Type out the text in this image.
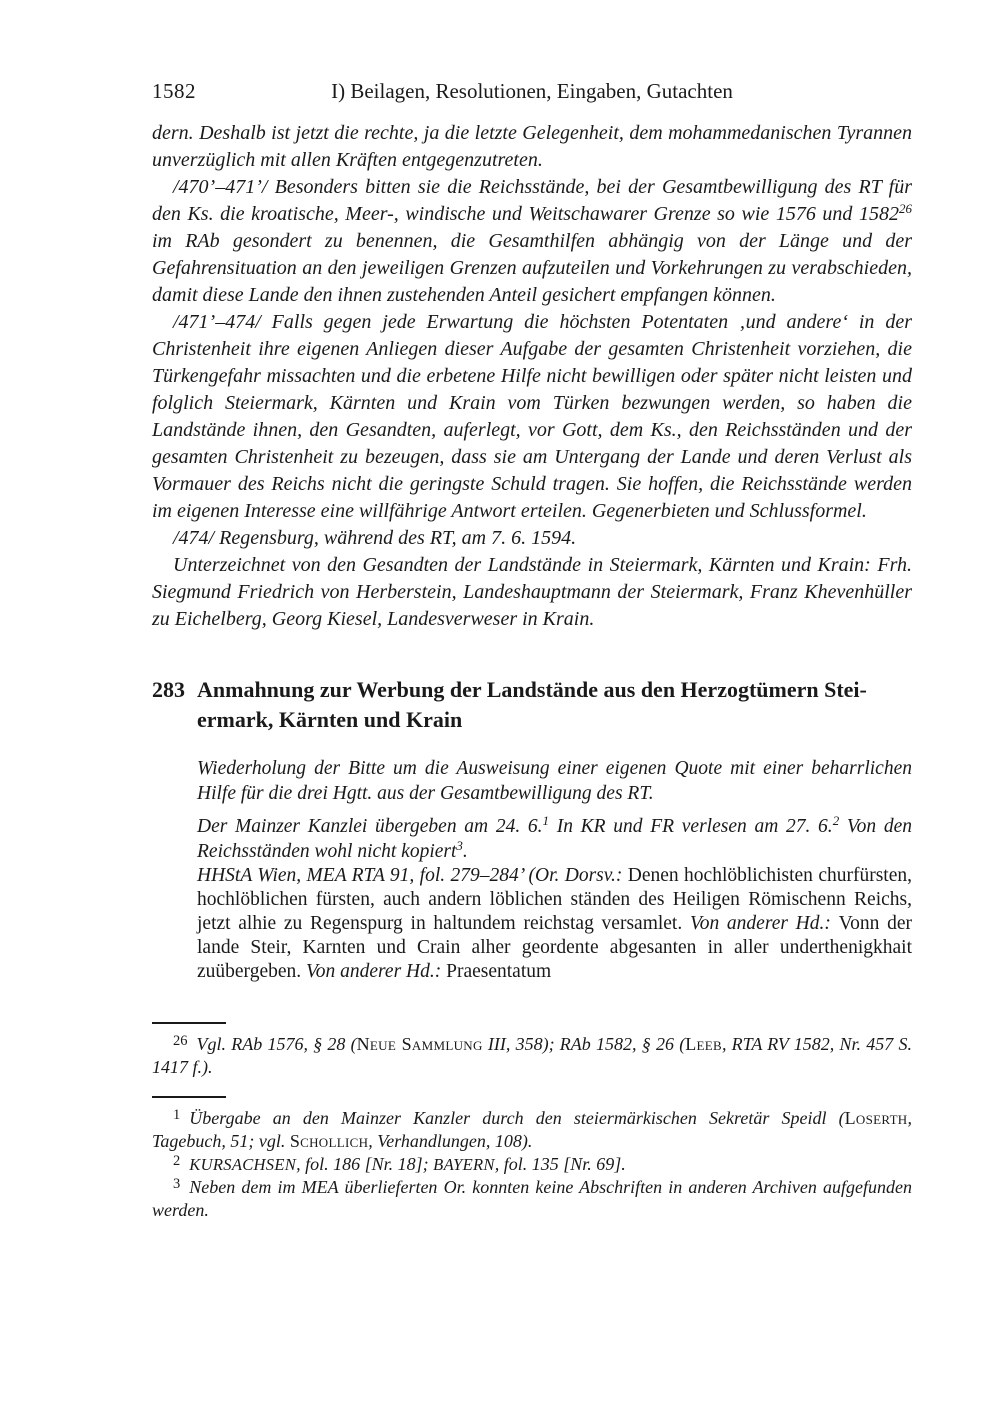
1582	I) Beilagen, Resolutionen, Eingaben, Gutachten

dern. Deshalb ist jetzt die rechte, ja die letzte Gelegenheit, dem mohammedanischen Tyrannen unverzüglich mit allen Kräften entgegenzutreten.

/470’–471’/ Besonders bitten sie die Reichsstände, bei der Gesamtbewilligung des RT für den Ks. die kroatische, Meer-, windische und Weitschawarer Grenze so wie 1576 und 1582$^{26}$ im RAb gesondert zu benennen, die Gesamthilfen abhängig von der Länge und der Gefahrensituation an den jeweiligen Grenzen aufzuteilen und Vorkehrungen zu verabschieden, damit diese Lande den ihnen zustehenden Anteil gesichert empfangen können.

/471’–474/ Falls gegen jede Erwartung die höchsten Potentaten ‚und andere‘ in der Christenheit ihre eigenen Anliegen dieser Aufgabe der gesamten Christenheit vorziehen, die Türkengefahr missachten und die erbetene Hilfe nicht bewilligen oder später nicht leisten und folglich Steiermark, Kärnten und Krain vom Türken bezwungen werden, so haben die Landstände ihnen, den Gesandten, auferlegt, vor Gott, dem Ks., den Reichsständen und der gesamten Christenheit zu bezeugen, dass sie am Untergang der Lande und deren Verlust als Vormauer des Reichs nicht die geringste Schuld tragen. Sie hoffen, die Reichsstände werden im eigenen Interesse eine willfährige Antwort erteilen. Gegenerbieten und Schlussformel.

/474/ Regensburg, während des RT, am 7. 6. 1594.

Unterzeichnet von den Gesandten der Landstände in Steiermark, Kärnten und Krain: Frh. Siegmund Friedrich von Herberstein, Landeshauptmann der Steiermark, Franz Khevenhüller zu Eichelberg, Georg Kiesel, Landesverweser in Krain.

283 Anmahnung zur Werbung der Landstände aus den Herzogtümern Stei-
ermark, Kärnten und Krain

Wiederholung der Bitte um die Ausweisung einer eigenen Quote mit einer beharrlichen Hilfe für die drei Hgtt. aus der Gesamtbewilligung des RT.

Der Mainzer Kanzlei übergeben am 24. 6.$^1$ In KR und FR verlesen am 27. 6.$^2$ Von den Reichsständen wohl nicht kopiert$^3$.

HHStA Wien, MEA RTA 91, fol. 279–284’ (Or. Dorsv.: Denen hochlöblichisten churfürsten, hochlöblichen fürsten, auch andern löblichen ständen des Heiligen Römischenn Reichs, jetzt alhie zu Regenspurg in haltundem reichstag versamlet. Von anderer Hd.: Vonn der lande Steir, Karnten und Crain alher geordente abgesanten in aller underthenigkhait zuübergeben. Von anderer Hd.: Praesentatum

$^{26}$ Vgl. RAb 1576, § 28 (Neue Sammlung III, 358); RAb 1582, § 26 (Leeb, RTA RV 1582, Nr. 457 S. 1417 f.).

$^1$ Übergabe an den Mainzer Kanzler durch den steiermärkischen Sekretär Speidl (Loserth, Tagebuch, 51; vgl. Schollich, Verhandlungen, 108).

$^2$ KURSACHSEN, fol. 186 [Nr. 18]; BAYERN, fol. 135 [Nr. 69].

$^3$ Neben dem im MEA überlieferten Or. konnten keine Abschriften in anderen Archiven aufgefunden werden.
